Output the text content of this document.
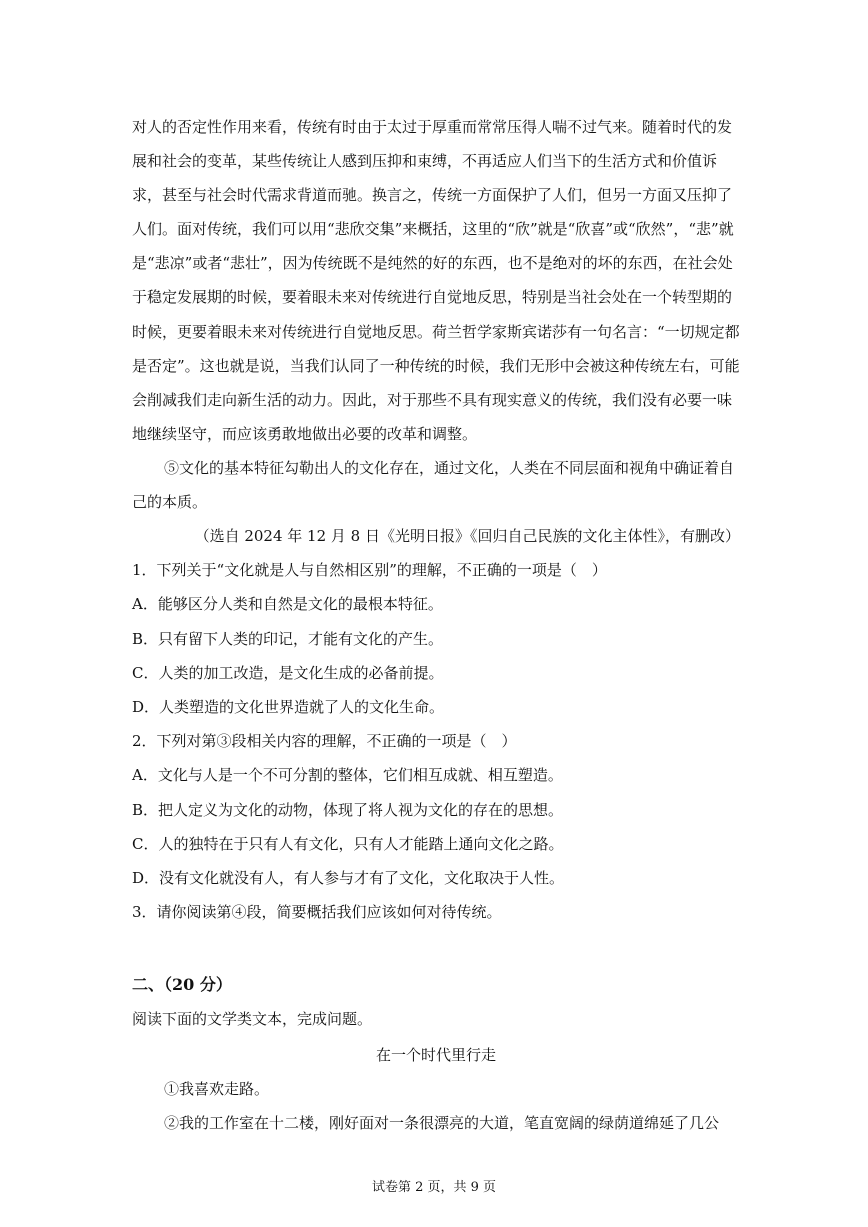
对人的否定性作用来看，传统有时由于太过于厚重而常常压得人喘不过气来。随着时代的发展和社会的变革，某些传统让人感到压抑和束缚，不再适应人们当下的生活方式和价值诉求，甚至与社会时代需求背道而驰。换言之，传统一方面保护了人们，但另一方面又压抑了人们。面对传统，我们可以用“悲欣交集”来概括，这里的“欣”就是“欣喜”或“欣然”，“悲”就是“悲凉”或者“悲壮”，因为传统既不是纯然的好的东西，也不是绝对的坏的东西，在社会处于稳定发展期的时候，要着眼未来对传统进行自觉地反思，特别是当社会处在一个转型期的时候，更要着眼未来对传统进行自觉地反思。荷兰哲学家斯宾诺莎有一句名言：“一切规定都是否定”。这也就是说，当我们认同了一种传统的时候，我们无形中会被这种传统左右，可能会削减我们走向新生活的动力。因此，对于那些不具有现实意义的传统，我们没有必要一味地继续坚守，而应该勇敢地做出必要的改革和调整。

⑤文化的基本特征勾勒出人的文化存在，通过文化，人类在不同层面和视角中确证着自己的本质。

（选自 2024 年 12 月 8 日《光明日报》《回归自己民族的文化主体性》，有删改）

1．下列关于“文化就是人与自然相区别”的理解，不正确的一项是（　）

A．能够区分人类和自然是文化的最根本特征。

B．只有留下人类的印记，才能有文化的产生。

C．人类的加工改造，是文化生成的必备前提。

D．人类塑造的文化世界造就了人的文化生命。

2．下列对第③段相关内容的理解，不正确的一项是（　）

A．文化与人是一个不可分割的整体，它们相互成就、相互塑造。

B．把人定义为文化的动物，体现了将人视为文化的存在的思想。

C．人的独特在于只有人有文化，只有人才能踏上通向文化之路。

D．没有文化就没有人，有人参与才有了文化，文化取决于人性。

3．请你阅读第④段，简要概括我们应该如何对待传统。

二、（20 分）

阅读下面的文学类文本，完成问题。

在一个时代里行走

①我喜欢走路。

②我的工作室在十二楼，刚好面对一条很漂亮的大道，笔直宽阔的绿荫道绵延了几公

试卷第 2 页，共 9 页
